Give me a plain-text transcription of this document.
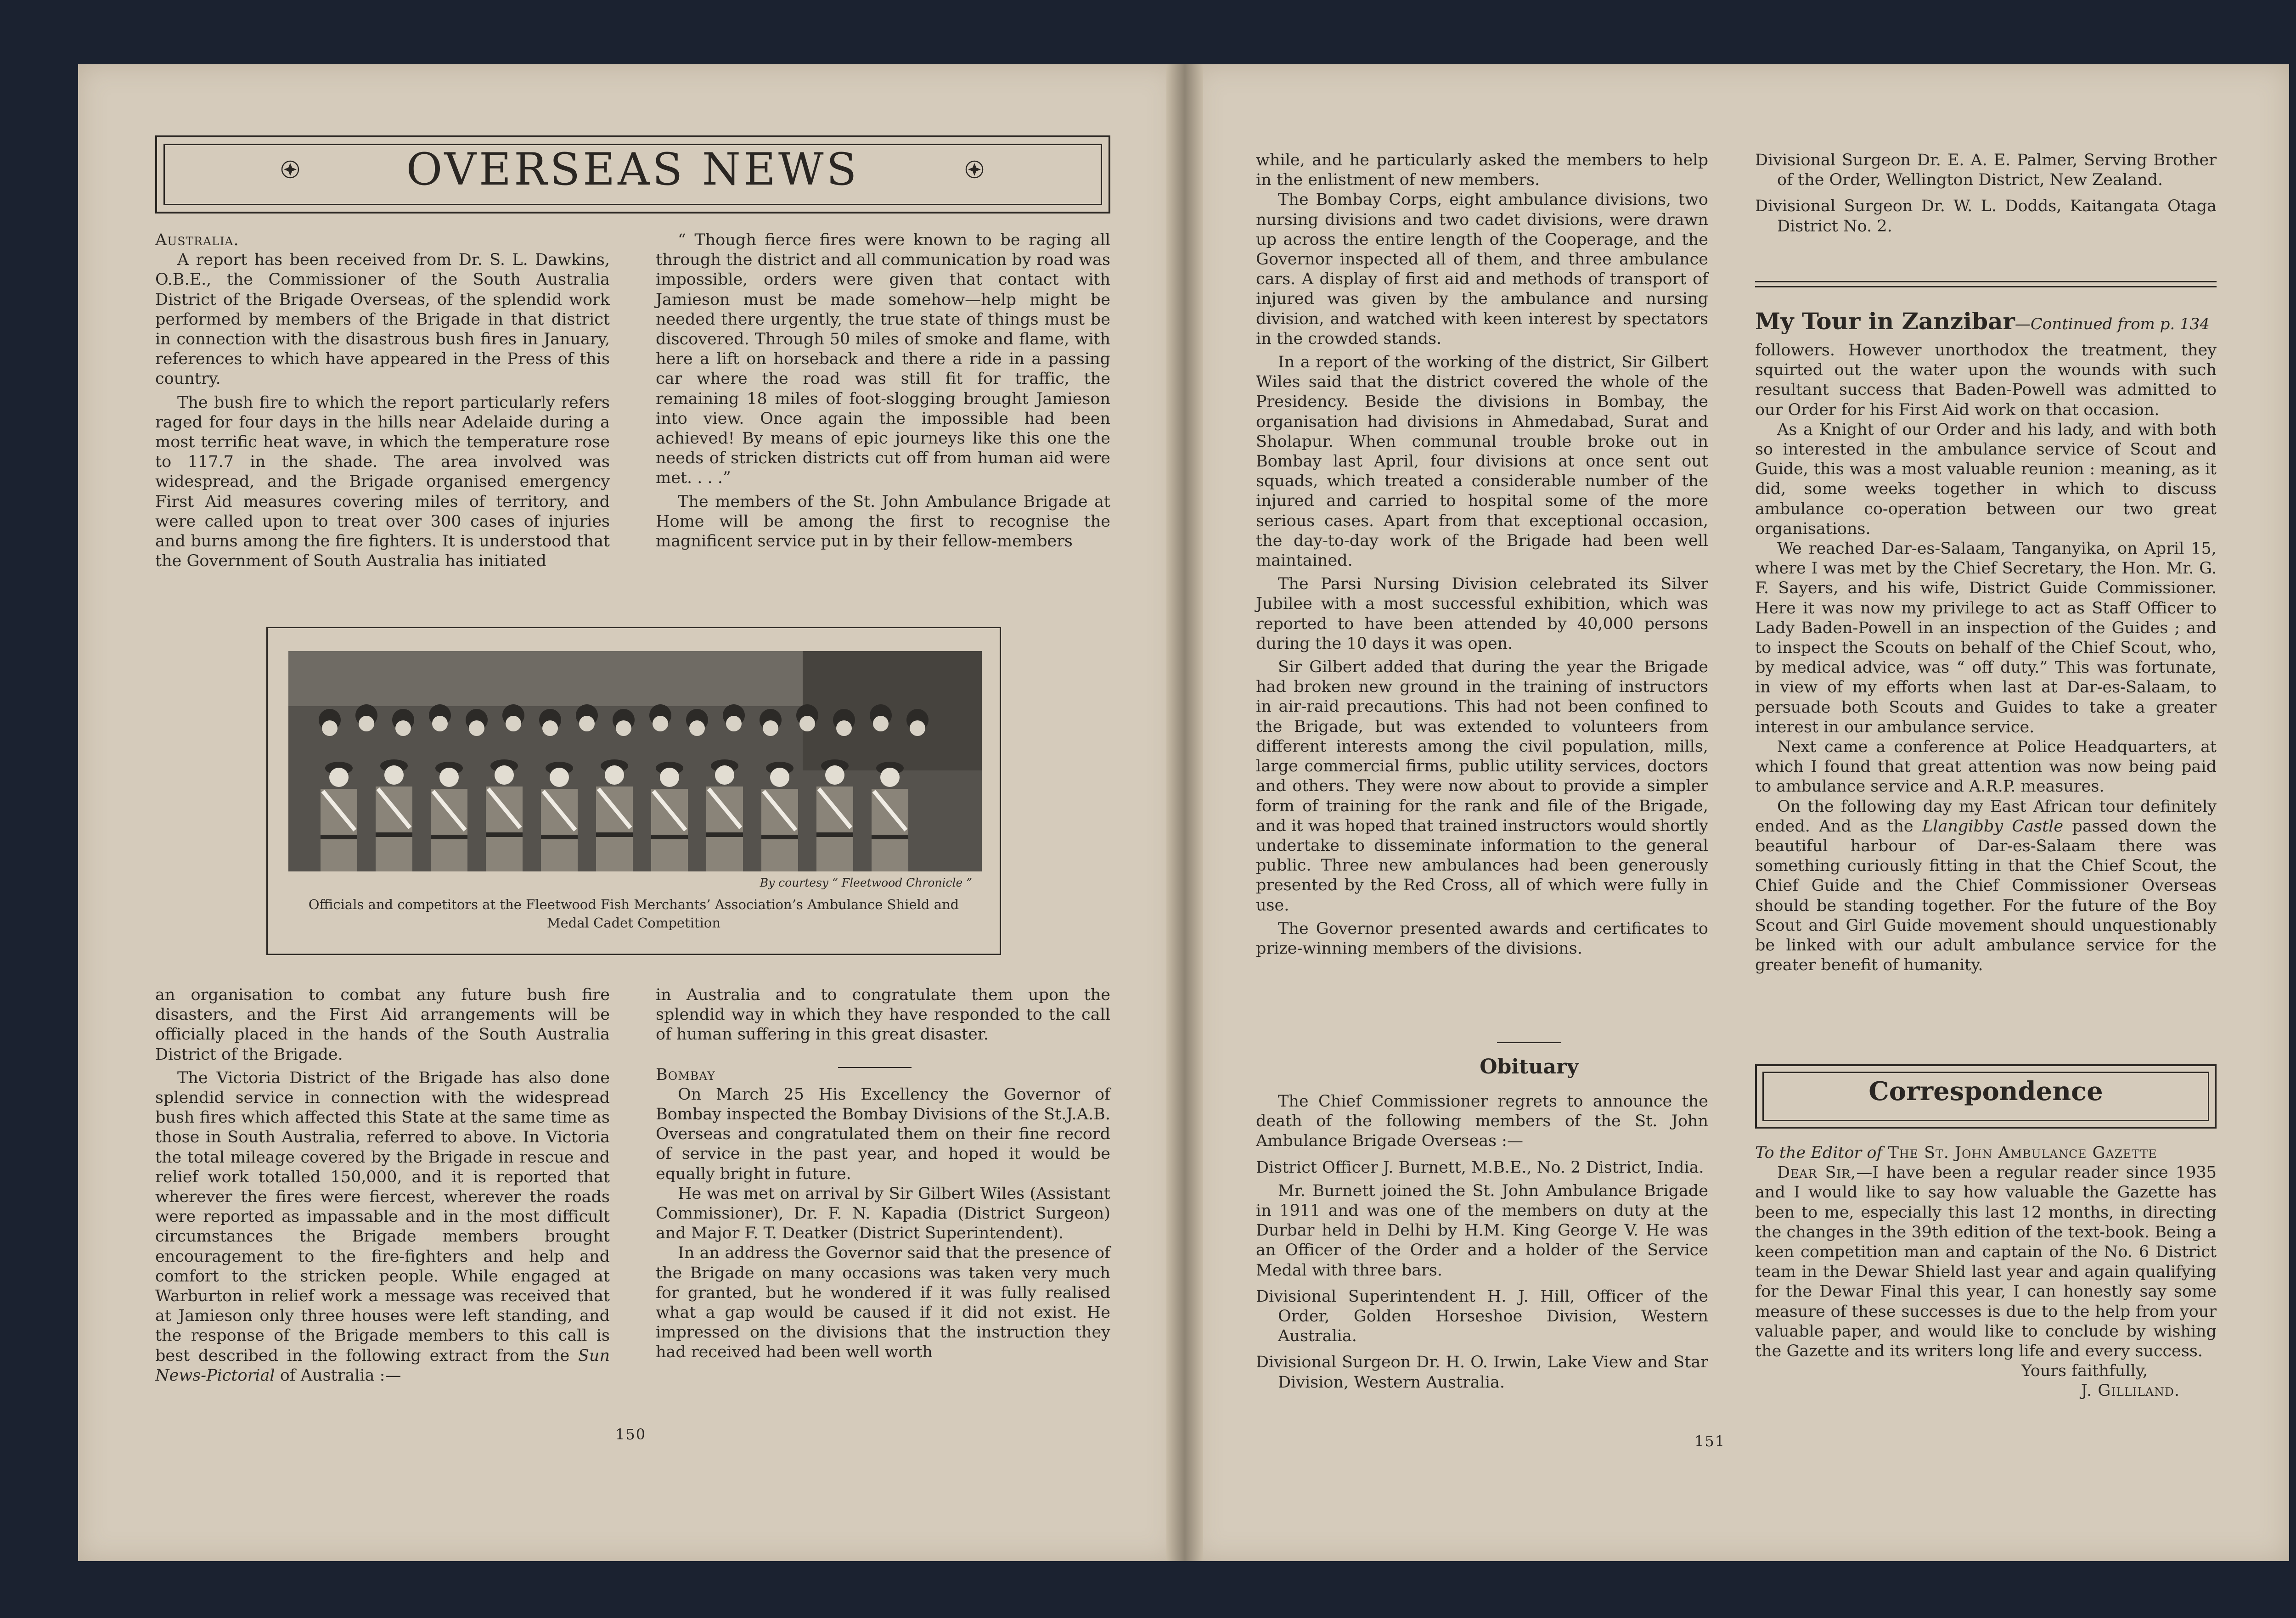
OVERSEAS NEWS

Australia.

A report has been received from Dr. S. L. Dawkins, O.B.E., the Commissioner of the South Australia District of the Brigade Overseas, of the splendid work performed by members of the Brigade in that district in connection with the disastrous bush fires in January, references to which have appeared in the Press of this country.

The bush fire to which the report particularly refers raged for four days in the hills near Adelaide during a most terrific heat wave, in which the temperature rose to 117.7 in the shade. The area involved was widespread, and the Brigade organised emergency First Aid measures covering miles of territory, and were called upon to treat over 300 cases of injuries and burns among the fire fighters. It is understood that the Government of South Australia has initiated

“ Though fierce fires were known to be raging all through the district and all communication by road was impossible, orders were given that contact with Jamieson must be made somehow—help might be needed there urgently, the true state of things must be discovered. Through 50 miles of smoke and flame, with here a lift on horseback and there a ride in a passing car where the road was still fit for traffic, the remaining 18 miles of foot-slogging brought Jamieson into view. Once again the impossible had been achieved! By means of epic journeys like this one the needs of stricken districts cut off from human aid were met. . . .”

The members of the St. John Ambulance Brigade at Home will be among the first to recognise the magnificent service put in by their fellow-members

By courtesy “ Fleetwood Chronicle ”
Officials and competitors at the Fleetwood Fish Merchants’ Association’s Ambulance Shield and Medal Cadet Competition

an organisation to combat any future bush fire disasters, and the First Aid arrangements will be officially placed in the hands of the South Australia District of the Brigade.

The Victoria District of the Brigade has also done splendid service in connection with the widespread bush fires which affected this State at the same time as those in South Australia, referred to above. In Victoria the total mileage covered by the Brigade in rescue and relief work totalled 150,000, and it is reported that wherever the fires were fiercest, wherever the roads were reported as impassable and in the most difficult circumstances the Brigade members brought encouragement to the fire-fighters and help and comfort to the stricken people. While engaged at Warburton in relief work a message was received that at Jamieson only three houses were left standing, and the response of the Brigade members to this call is best described in the following extract from the Sun News-Pictorial of Australia :—

in Australia and to congratulate them upon the splendid way in which they have responded to the call of human suffering in this great disaster.

Bombay

On March 25 His Excellency the Governor of Bombay inspected the Bombay Divisions of the St.J.A.B. Overseas and congratulated them on their fine record of service in the past year, and hoped it would be equally bright in future.

He was met on arrival by Sir Gilbert Wiles (Assistant Commissioner), Dr. F. N. Kapadia (District Surgeon) and Major F. T. Deatker (District Superintendent).

In an address the Governor said that the presence of the Brigade on many occasions was taken very much for granted, but he wondered if it was fully realised what a gap would be caused if it did not exist. He impressed on the divisions that the instruction they had received had been well worth

150

while, and he particularly asked the members to help in the enlistment of new members.

The Bombay Corps, eight ambulance divisions, two nursing divisions and two cadet divisions, were drawn up across the entire length of the Cooperage, and the Governor inspected all of them, and three ambulance cars. A display of first aid and methods of transport of injured was given by the ambulance and nursing division, and watched with keen interest by spectators in the crowded stands.

In a report of the working of the district, Sir Gilbert Wiles said that the district covered the whole of the Presidency. Beside the divisions in Bombay, the organisation had divisions in Ahmedabad, Surat and Sholapur. When communal trouble broke out in Bombay last April, four divisions at once sent out squads, which treated a considerable number of the injured and carried to hospital some of the more serious cases. Apart from that exceptional occasion, the day-to-day work of the Brigade had been well maintained.

The Parsi Nursing Division celebrated its Silver Jubilee with a most successful exhibition, which was reported to have been attended by 40,000 persons during the 10 days it was open.

Sir Gilbert added that during the year the Brigade had broken new ground in the training of instructors in air-raid precautions. This had not been confined to the Brigade, but was extended to volunteers from different interests among the civil population, mills, large commercial firms, public utility services, doctors and others. They were now about to provide a simpler form of training for the rank and file of the Brigade, and it was hoped that trained instructors would shortly undertake to disseminate information to the general public. Three new ambulances had been generously presented by the Red Cross, all of which were fully in use.

The Governor presented awards and certificates to prize-winning members of the divisions.

Obituary

The Chief Commissioner regrets to announce the death of the following members of the St. John Ambulance Brigade Overseas :—

District Officer J. Burnett, M.B.E., No. 2 District, India.

Mr. Burnett joined the St. John Ambulance Brigade in 1911 and was one of the members on duty at the Durbar held in Delhi by H.M. King George V. He was an Officer of the Order and a holder of the Service Medal with three bars.

Divisional Superintendent H. J. Hill, Officer of the Order, Golden Horseshoe Division, Western Australia.

Divisional Surgeon Dr. H. O. Irwin, Lake View and Star Division, Western Australia.

Divisional Surgeon Dr. E. A. E. Palmer, Serving Brother of the Order, Wellington District, New Zealand.

Divisional Surgeon Dr. W. L. Dodds, Kaitangata Otaga District No. 2.

My Tour in Zanzibar—Continued from p. 134

followers. However unorthodox the treatment, they squirted out the water upon the wounds with such resultant success that Baden-Powell was admitted to our Order for his First Aid work on that occasion.

As a Knight of our Order and his lady, and with both so interested in the ambulance service of Scout and Guide, this was a most valuable reunion : meaning, as it did, some weeks together in which to discuss ambulance co-operation between our two great organisations.

We reached Dar-es-Salaam, Tanganyika, on April 15, where I was met by the Chief Secretary, the Hon. Mr. G. F. Sayers, and his wife, District Guide Commissioner. Here it was now my privilege to act as Staff Officer to Lady Baden-Powell in an inspection of the Guides ; and to inspect the Scouts on behalf of the Chief Scout, who, by medical advice, was “ off duty.” This was fortunate, in view of my efforts when last at Dar-es-Salaam, to persuade both Scouts and Guides to take a greater interest in our ambulance service.

Next came a conference at Police Headquarters, at which I found that great attention was now being paid to ambulance service and A.R.P. measures.

On the following day my East African tour definitely ended. And as the Llangibby Castle passed down the beautiful harbour of Dar-es-Salaam there was something curiously fitting in that the Chief Scout, the Chief Guide and the Chief Commissioner Overseas should be standing together. For the future of the Boy Scout and Girl Guide movement should unquestionably be linked with our adult ambulance service for the greater benefit of humanity.

Correspondence

To the Editor of The St. John Ambulance Gazette

Dear Sir,—I have been a regular reader since 1935 and I would like to say how valuable the Gazette has been to me, especially this last 12 months, in directing the changes in the 39th edition of the text-book. Being a keen competition man and captain of the No. 6 District team in the Dewar Shield last year and again qualifying for the Dewar Final this year, I can honestly say some measure of these successes is due to the help from your valuable paper, and would like to conclude by wishing the Gazette and its writers long life and every success.

Yours faithfully,

J. Gilliland.

151
